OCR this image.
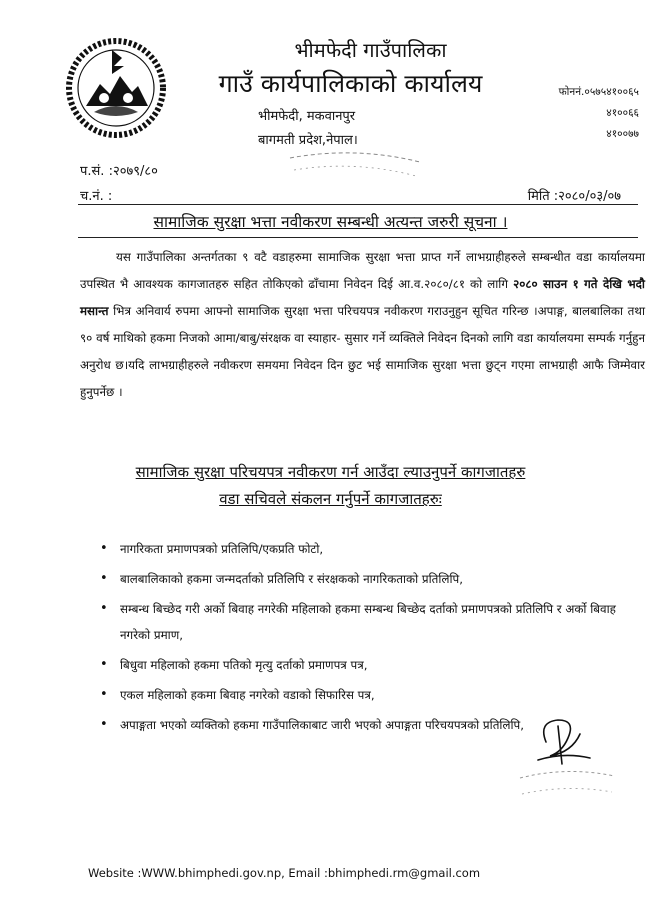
भीमफेदी गाउँपालिका
गाउँ कार्यपालिकाको कार्यालय
भीमफेदी, मकवानपुर
बागमती प्रदेश,नेपाल।
फोननं.०५७५४१००६५
४१००६६
४१००७७
प.सं. :२०७९/८०
च.नं. :	मिति :२०८०/०३/०७
सामाजिक सुरक्षा भत्ता नवीकरण सम्बन्धी अत्यन्त जरुरी सूचना ।

यस गाउँपालिका अन्तर्गतका ९ वटै वडाहरुमा सामाजिक सुरक्षा भत्ता प्राप्त गर्ने लाभग्राहीहरुले सम्बन्धीत वडा कार्यालयमा उपस्थित भै आवश्यक कागजातहरु सहित तोकिएको ढाँचामा निवेदन दिई आ.व.२०८०/८१ को लागि २०८० साउन १ गते देखि भदौ मसान्त भित्र अनिवार्य रुपमा आफ्नो सामाजिक सुरक्षा भत्ता परिचयपत्र नवीकरण गराउनुहुन सूचित गरिन्छ ।अपाङ्ग, बालबालिका तथा ९० वर्ष माथिको हकमा निजको आमा/बाबु/संरक्षक वा स्याहार- सुसार गर्ने व्यक्तिले निवेदन दिनको लागि वडा कार्यालयमा सम्पर्क गर्नुहुन अनुरोध छ।यदि लाभग्राहीहरुले नवीकरण समयमा निवेदन दिन छुट भई सामाजिक सुरक्षा भत्ता छुट्न गएमा लाभग्राही आफै जिम्मेवार हुनुपर्नेछ ।

सामाजिक सुरक्षा परिचयपत्र नवीकरण गर्न आउँदा ल्याउनुपर्ने कागजातहरु
वडा सचिवले संकलन गर्नुपर्ने कागजातहरुः
• नागरिकता प्रमाणपत्रको प्रतिलिपि/एकप्रति फोटो,
• बालबालिकाको हकमा जन्मदर्ताको प्रतिलिपि र संरक्षकको नागरिकताको प्रतिलिपि,
• सम्बन्ध बिच्छेद गरी अर्को बिवाह नगरेकी महिलाको हकमा सम्बन्ध बिच्छेद दर्ताको प्रमाणपत्रको प्रतिलिपि र अर्को बिवाह नगरेको प्रमाण,
• बिधुवा महिलाको हकमा पतिको मृत्यु दर्ताको प्रमाणपत्र पत्र,
• एकल महिलाको हकमा बिवाह नगरेको वडाको सिफारिस पत्र,
• अपाङ्गता भएको व्यक्तिको हकमा गाउँपालिकाबाट जारी भएको अपाङ्गता परिचयपत्रको प्रतिलिपि,
Website :WWW.bhimphedi.gov.np, Email :bhimphedi.rm@gmail.com
